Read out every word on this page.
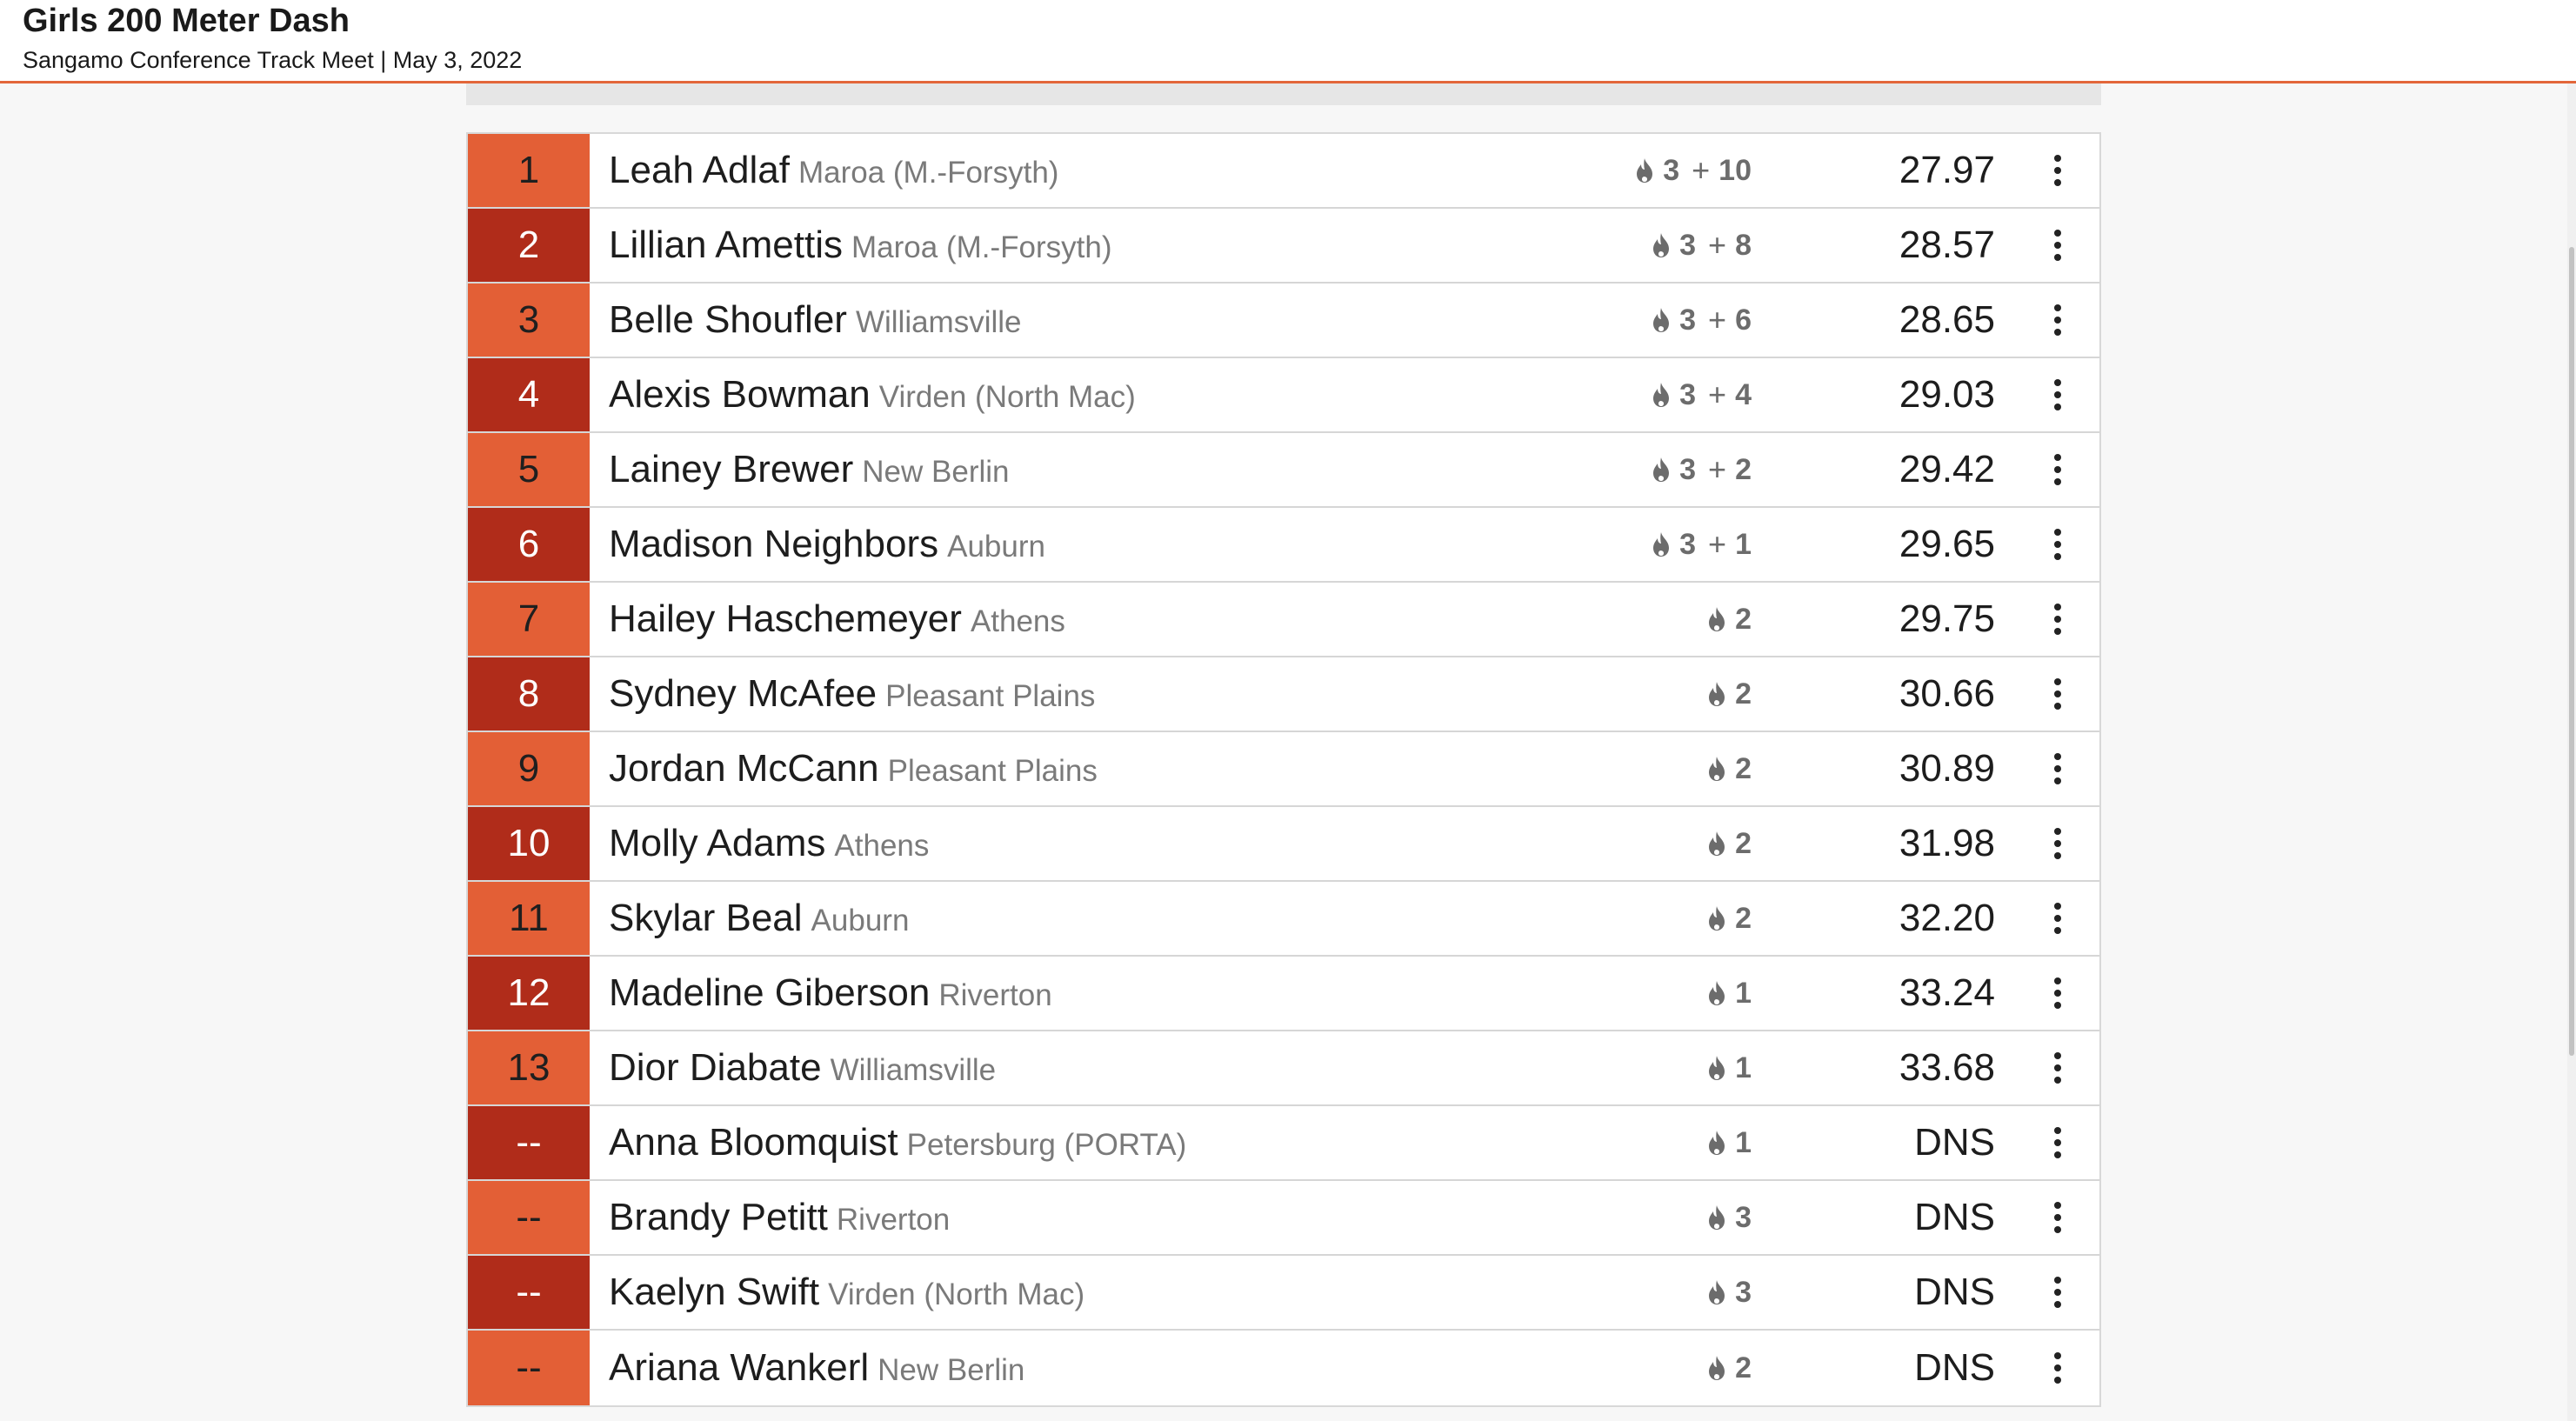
Girls 200 Meter Dash
Sangamo Conference Track Meet | May 3, 2022
1	Leah Adlaf Maroa (M.-Forsyth)	3 + 10	27.97
2	Lillian Amettis Maroa (M.-Forsyth)	3 + 8	28.57
3	Belle Shoufler Williamsville	3 + 6	28.65
4	Alexis Bowman Virden (North Mac)	3 + 4	29.03
5	Lainey Brewer New Berlin	3 + 2	29.42
6	Madison Neighbors Auburn	3 + 1	29.65
7	Hailey Haschemeyer Athens	2	29.75
8	Sydney McAfee Pleasant Plains	2	30.66
9	Jordan McCann Pleasant Plains	2	30.89
10	Molly Adams Athens	2	31.98
11	Skylar Beal Auburn	2	32.20
12	Madeline Giberson Riverton	1	33.24
13	Dior Diabate Williamsville	1	33.68
--	Anna Bloomquist Petersburg (PORTA)	1	DNS
--	Brandy Petitt Riverton	3	DNS
--	Kaelyn Swift Virden (North Mac)	3	DNS
--	Ariana Wankerl New Berlin	2	DNS
